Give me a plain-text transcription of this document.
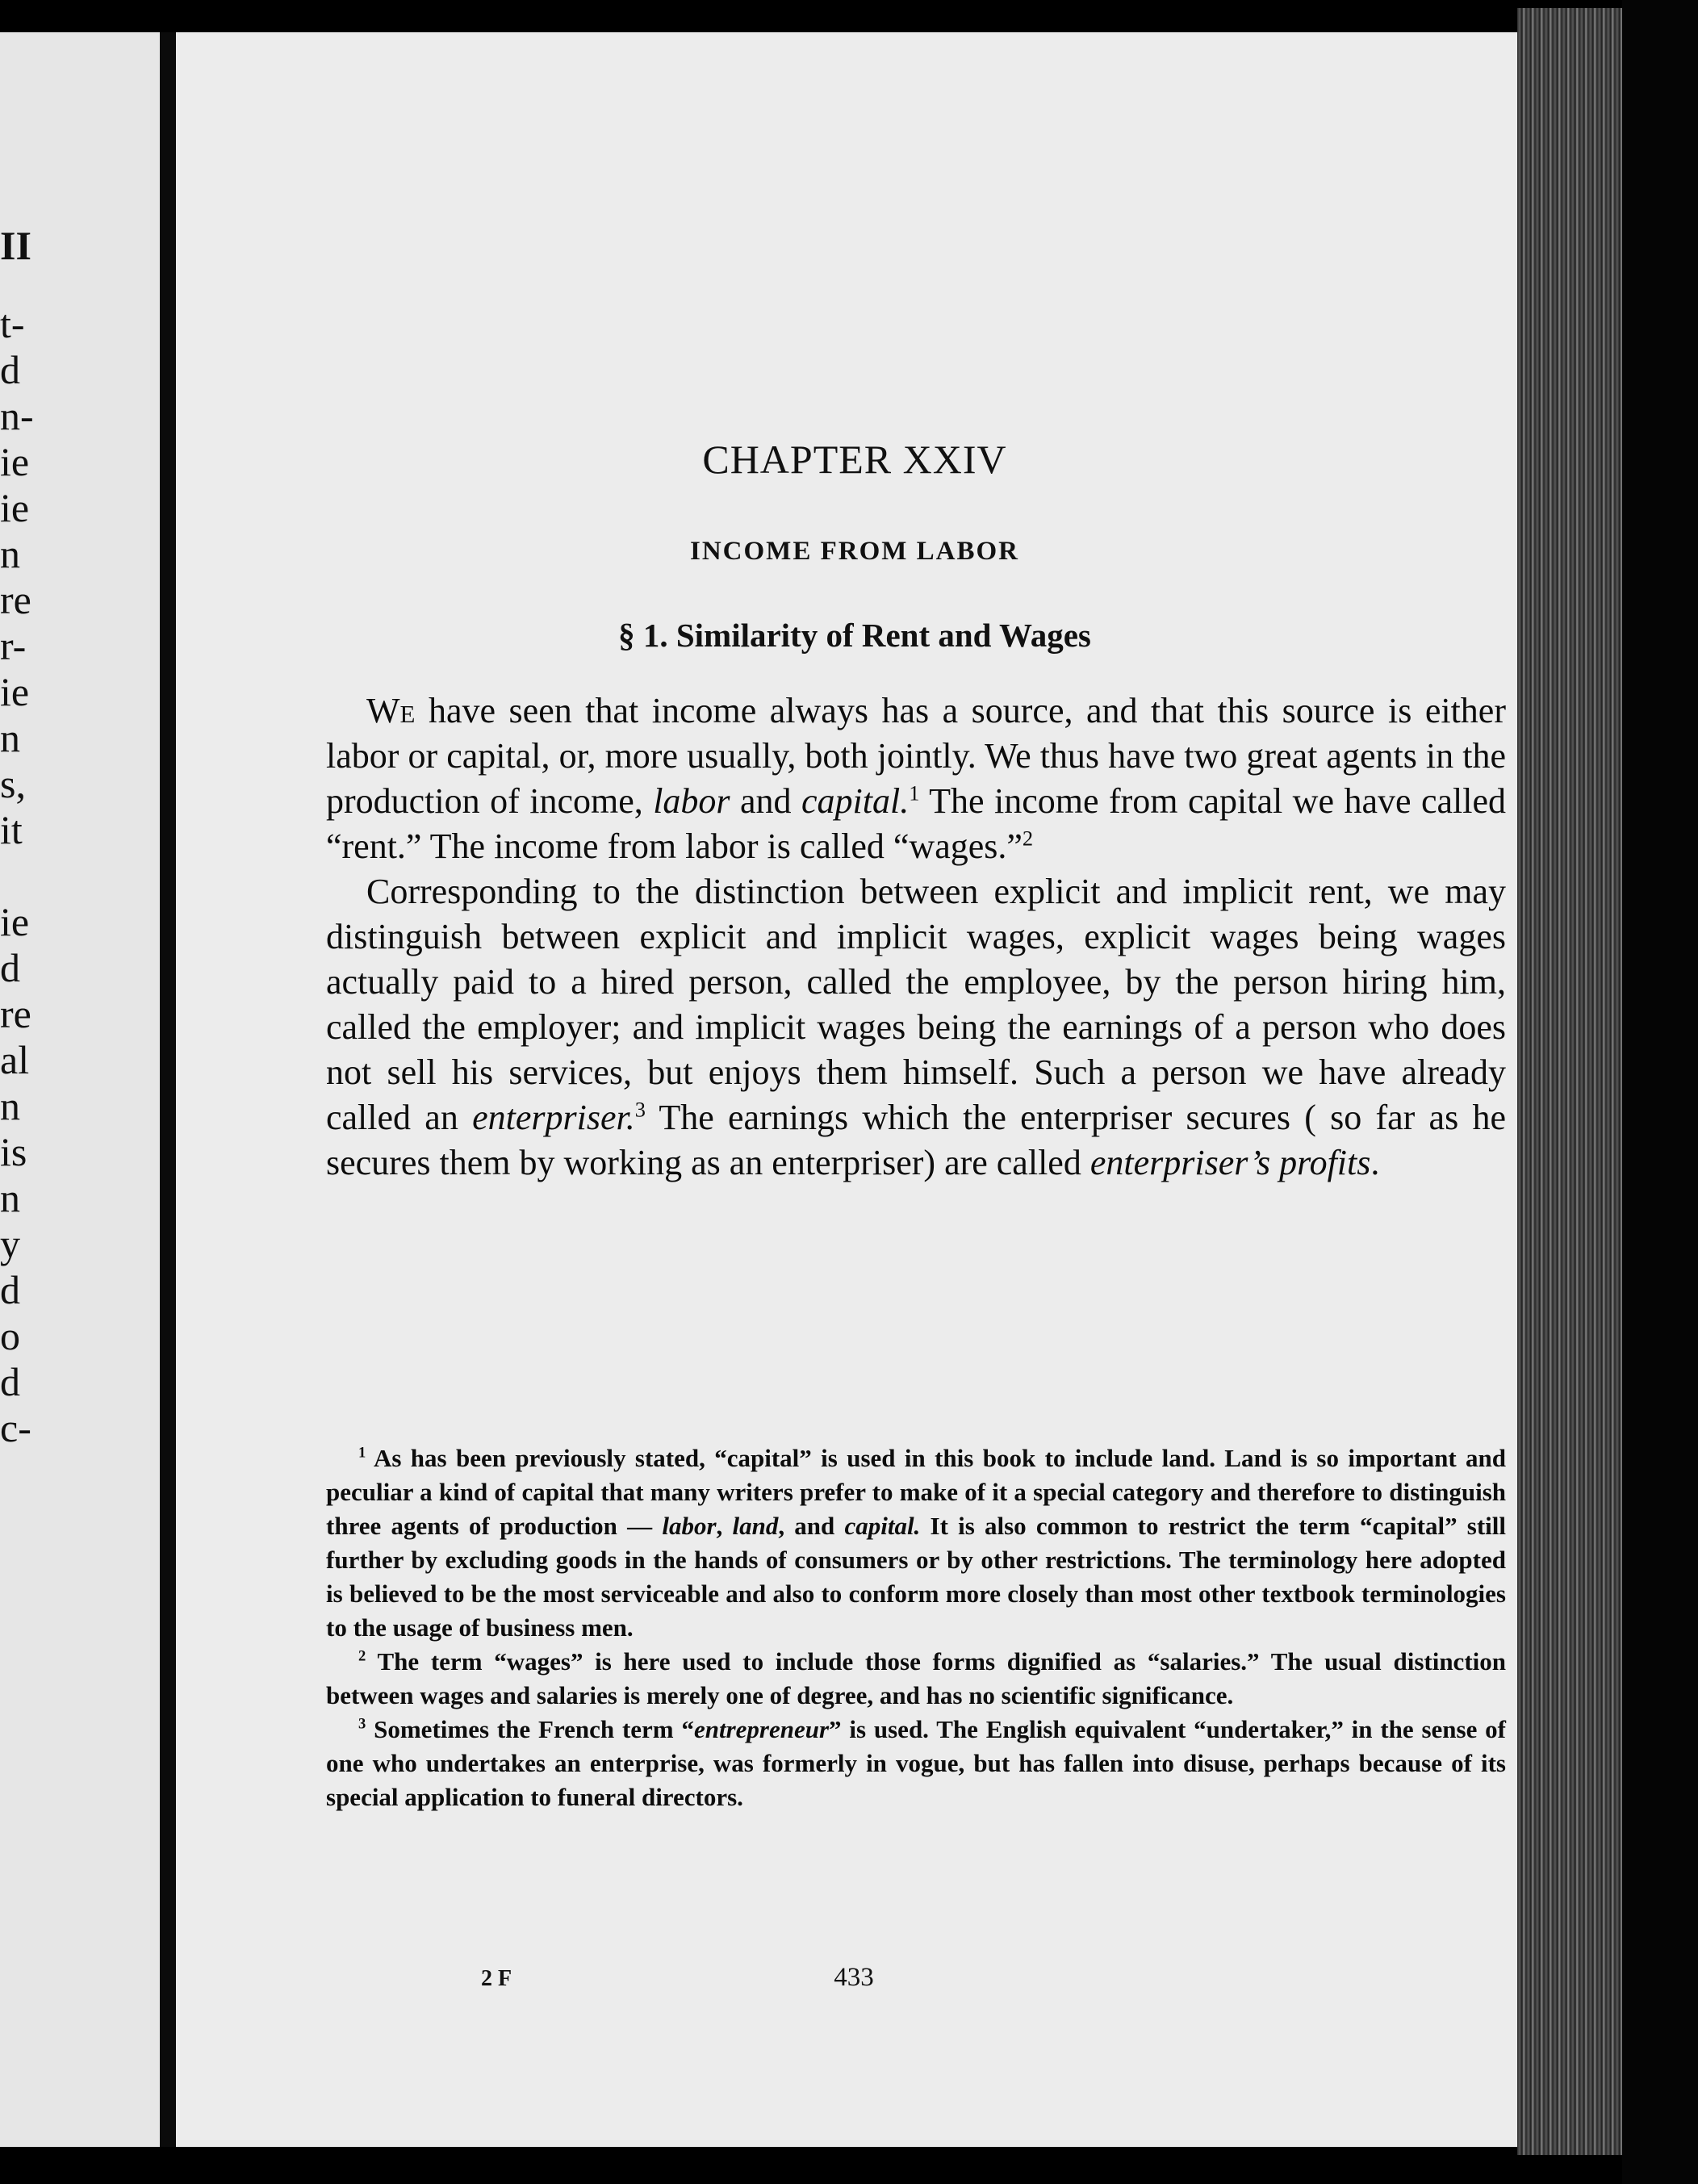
II
t-
d
n-
ie
ie
n
re
r-
ie
n
s,
it
ie
d
re
al
n
is
n
y
d
o
d
c-
CHAPTER XXIV
INCOME FROM LABOR
§ 1. Similarity of Rent and Wages

We have seen that income always has a source, and that this source is either labor or capital, or, more usually, both jointly. We thus have two great agents in the production of income, labor and capital.$^1$ The income from capital we have called “rent.” The income from labor is called “wages.”$^2$

Corresponding to the distinction between explicit and implicit rent, we may distinguish between explicit and implicit wages, explicit wages being wages actually paid to a hired person, called the employee, by the person hiring him, called the employer; and implicit wages being the earnings of a person who does not sell his services, but enjoys them himself. Such a person we have already called an enterpriser.$^3$ The earnings which the enterpriser secures ( so far as he secures them by working as an enterpriser) are called enterpriser’s profits.

$^1$ As has been previously stated, “capital” is used in this book to include land. Land is so important and peculiar a kind of capital that many writers prefer to make of it a special category and therefore to distinguish three agents of production — labor, land, and capital. It is also common to restrict the term “capital” still further by excluding goods in the hands of consumers or by other restrictions. The terminology here adopted is believed to be the most serviceable and also to conform more closely than most other textbook terminologies to the usage of business men.

$^2$ The term “wages” is here used to include those forms dignified as “salaries.” The usual distinction between wages and salaries is merely one of degree, and has no scientific significance.

$^3$ Sometimes the French term “entrepreneur” is used. The English equivalent “undertaker,” in the sense of one who undertakes an enterprise, was formerly in vogue, but has fallen into disuse, perhaps because of its special application to funeral directors.

2 F	433
